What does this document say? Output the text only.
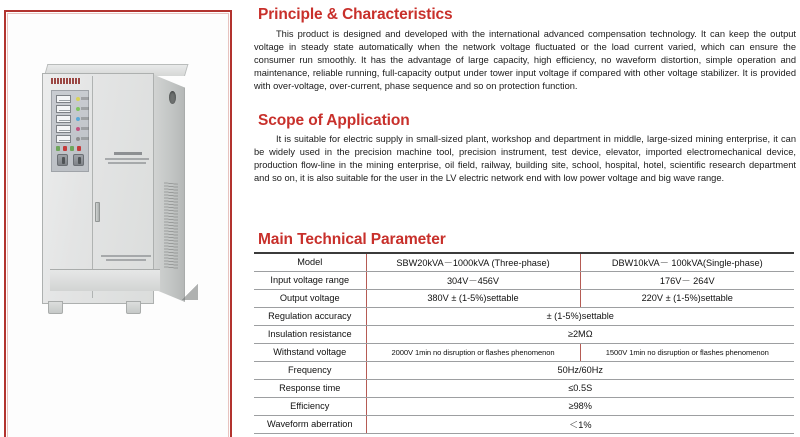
Principle & Characteristics

This product is designed and developed with the international advanced compensation technology. It can keep the output voltage in steady state automatically when the network voltage fluctuated or the load current varied, which can ensure the consumer run smoothly. It has the advantage of large capacity, high efficiency, no waveform distortion, simple operation and maintenance, reliable running, full-capacity output under tower input voltage if compared with other voltage stabilizer. It is provided with over-voltage, over-current, phase sequence and so on protection function.

Scope of Application

It is suitable for electric supply in small-sized plant, workshop and department in middle, large-sized mining enterprise, it can be widely used in the precision machine tool, precision instrument, test device, elevator, imported electromechanical device, production flow-line in the mining enterprise, oil field, railway, building site, school, hospital, hotel, scientific research department and so on, it is also suitable for the user in the LV electric network end with low power voltage and big wave range.

Main Technical Parameter
Model	SBW20kVA－1000kVA (Three-phase)	DBW10kVA－ 100kVA(Single-phase)
Input voltage range	304V－456V	176V－ 264V
Output voltage	380V ± (1-5%)settable	220V ± (1-5%)settable
Regulation accuracy	± (1-5%)settable	
Insulation resistance	≥2MΩ	
Withstand voltage	2000V 1min no disruption or flashes phenomenon	1500V 1min no disruption or flashes phenomenon
Frequency	50Hz/60Hz	
Response time	≤0.5S	
Efficiency	≥98%	
Waveform aberration	＜1%	
